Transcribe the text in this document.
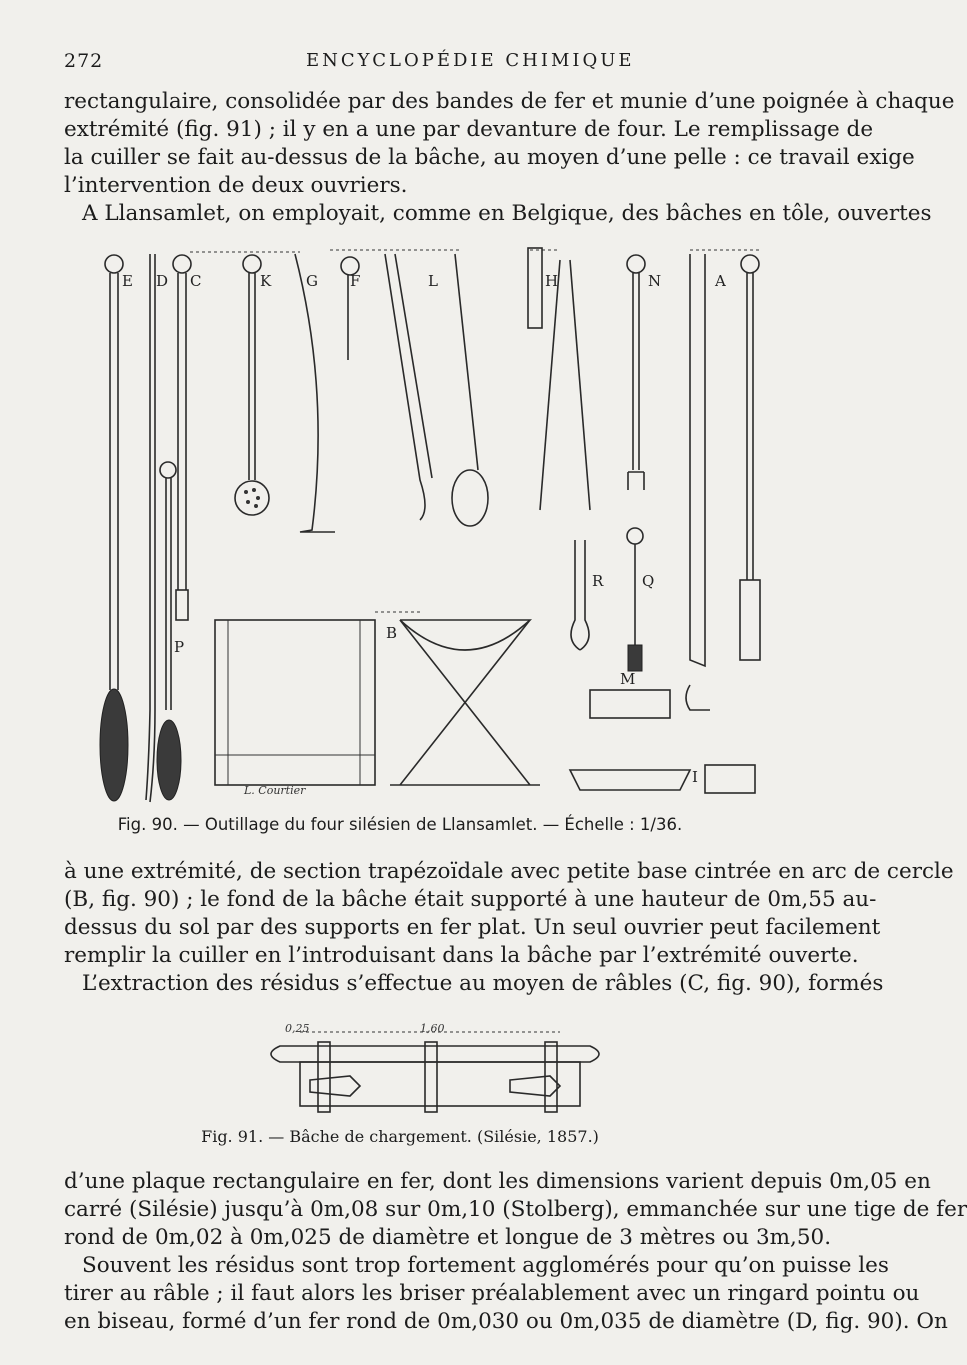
272	ENCYCLOPÉDIE CHIMIQUE

rectangulaire, consolidée par des bandes de fer et munie d’une poignée à chaque
extrémité (fig. 91) ; il y en a une par devanture de four. Le remplissage de
la cuiller se fait au-dessus de la bâche, au moyen d’une pelle : ce travail exige
l’intervention de deux ouvriers.
A Llansamlet, on employait, comme en Belgique, des bâches en tôle, ouvertes

E D C	K G F	L	H	N	A
R	Q
P
B
M
I
L. Courtier
Fig. 90. — Outillage du four silésien de Llansamlet. — Échelle : 1/36.

à une extrémité, de section trapézoïdale avec petite base cintrée en arc de cercle
(B, fig. 90) ; le fond de la bâche était supporté à une hauteur de 0m,55 au-
dessus du sol par des supports en fer plat. Un seul ouvrier peut facilement
remplir la cuiller en l’introduisant dans la bâche par l’extrémité ouverte.
L’extraction des résidus s’effectue au moyen de râbles (C, fig. 90), formés

0,25	1,60
Fig. 91. — Bâche de chargement. (Silésie, 1857.)

d’une plaque rectangulaire en fer, dont les dimensions varient depuis 0m,05 en
carré (Silésie) jusqu’à 0m,08 sur 0m,10 (Stolberg), emmanchée sur une tige de fer
rond de 0m,02 à 0m,025 de diamètre et longue de 3 mètres ou 3m,50.
Souvent les résidus sont trop fortement agglomérés pour qu’on puisse les
tirer au râble ; il faut alors les briser préalablement avec un ringard pointu ou
en biseau, formé d’un fer rond de 0m,030 ou 0m,035 de diamètre (D, fig. 90). On
